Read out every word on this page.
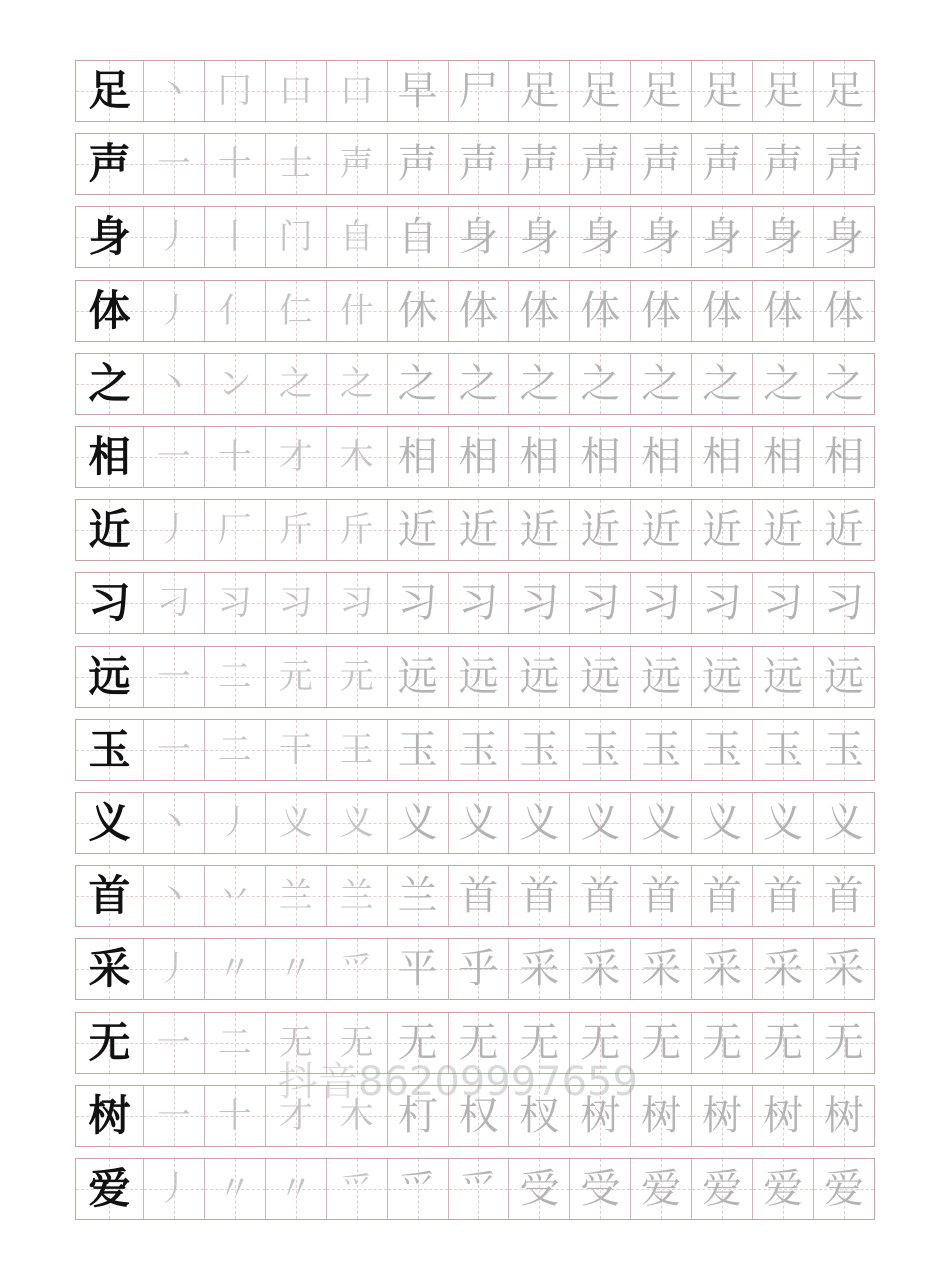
足 丶 冂 口 口 早 尸 足 足 足 足 足 足
声 一 十 士 声 声 声 声 声 声 声 声 声
身 丿 丨 门 自 自 身 身 身 身 身 身 身
体 丿 亻 仁 什 休 体 体 体 体 体 体 体
之 丶 ン 之 之 之 之 之 之 之 之 之 之
相 一 十 才 木 相 相 相 相 相 相 相 相
近 丿 厂 斤 斤 近 近 近 近 近 近 近 近
习 刁 习 习 习 习 习 习 习 习 习 习 习
远 一 二 元 元 远 远 远 远 远 远 远 远
玉 一 二 干 王 玉 玉 玉 玉 玉 玉 玉 玉
义 丶 丿 义 义 义 义 义 义 义 义 义 义
首 丶 丷 兰 兰 兰 首 首 首 首 首 首 首
采 丿 〃 〃 爫 平 乎 采 采 采 采 采 采
无 一 二 无 无 无 无 无 无 无 无 无 无
树 一 十 才 木 朾 权 杈 树 树 树 树 树
爱 丿 〃 〃 爫 爫 爫 受 受 爱 爱 爱 爱
抖音86209997659
